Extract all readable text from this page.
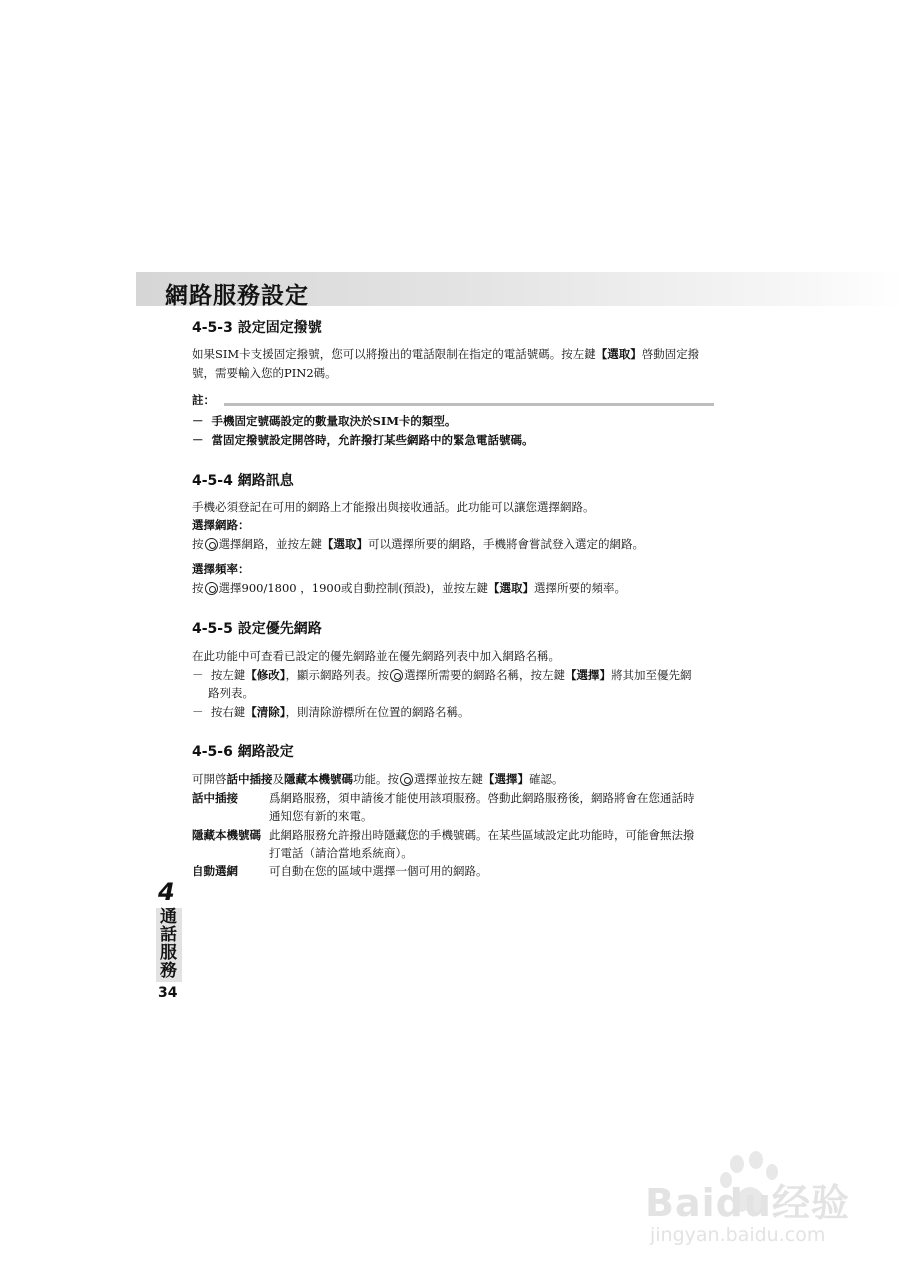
網路服務設定
4-5-3 設定固定撥號
如果SIM卡支援固定撥號，您可以將撥出的電話限制在指定的電話號碼。按左鍵【選取】啓動固定撥
號，需要輸入您的PIN2碼。
註：
－  手機固定號碼設定的數量取決於SIM卡的類型。
－  當固定撥號設定開啓時，允許撥打某些網路中的緊急電話號碼。
4-5-4 網路訊息
手機必須登記在可用的網路上才能撥出與接收通話。此功能可以讓您選擇網路。
選擇網路：
按 選擇網路，並按左鍵【選取】可以選擇所要的網路，手機將會嘗試登入選定的網路。
選擇頻率：
按 選擇900/1800 ，1900或自動控制(預設)，並按左鍵【選取】選擇所要的頻率。
4-5-5 設定優先網路
在此功能中可查看已設定的優先網路並在優先網路列表中加入網路名稱。
－  按左鍵【修改】，顯示網路列表。按 選擇所需要的網路名稱，按左鍵【選擇】將其加至優先網
路列表。
－  按右鍵【清除】，則清除游標所在位置的網路名稱。
4-5-6 網路設定
可開啓話中插接及隱藏本機號碼功能。按 選擇並按左鍵【選擇】確認。
話中插接	爲網路服務，須申請後才能使用該項服務。啓動此網路服務後，網路將會在您通話時
通知您有新的來電。
隱藏本機號碼 此網路服務允許撥出時隱藏您的手機號碼。在某些區域設定此功能時，可能會無法撥
打電話（請洽當地系統商）。
自動選網	可自動在您的區域中選擇一個可用的網路。
4
通話服務
34
Baidu经验
jingyan.baidu.com
